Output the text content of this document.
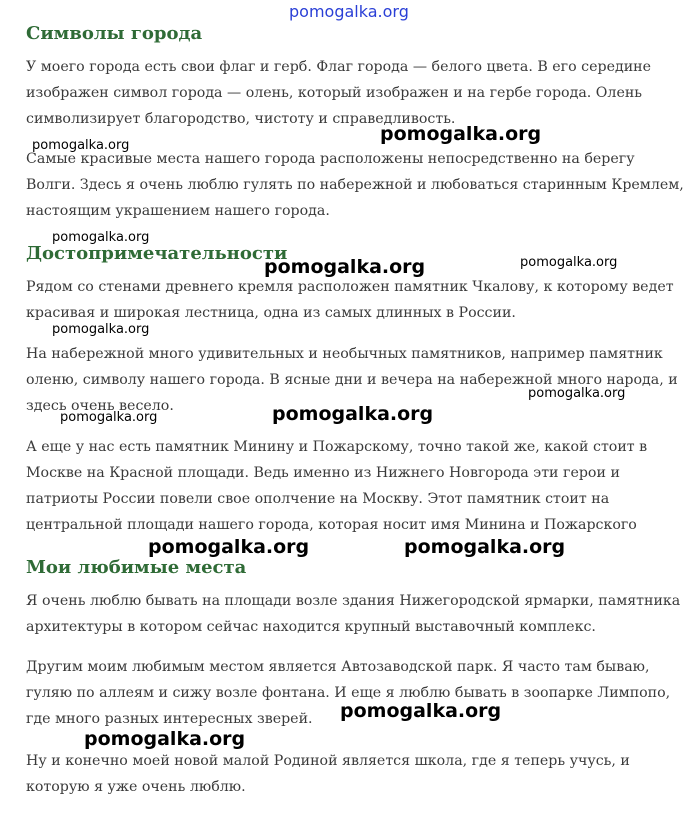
Символы города
У моего города есть свои флаг и герб. Флаг города — белого цвета. В его середине изображен символ города — олень, который изображен и на гербе города. Олень символизирует благородство, чистоту и справедливость.
Самые красивые места нашего города расположены непосредственно на берегу Волги. Здесь я очень люблю гулять по набережной и любоваться старинным Кремлем, настоящим украшением нашего города.
Достопримечательности
Рядом со стенами древнего кремля расположен памятник Чкалову, к которому ведет красивая и широкая лестница, одна из самых длинных в России.
На набережной много удивительных и необычных памятников, например памятник оленю, символу нашего города. В ясные дни и вечера на набережной много народа, и здесь очень весело.
А еще у нас есть памятник Минину и Пожарскому, точно такой же, какой стоит в Москве на Красной площади. Ведь именно из Нижнего Новгорода эти герои и патриоты России повели свое ополчение на Москву. Этот памятник стоит на центральной площади нашего города, которая носит имя Минина и Пожарского
Мои любимые места
Я очень люблю бывать на площади возле здания Нижегородской ярмарки, памятника архитектуры в котором сейчас находится крупный выставочный комплекс.
Другим моим любимым местом является Автозаводской парк. Я часто там бываю, гуляю по аллеям и сижу возле фонтана. И еще я люблю бывать в зоопарке Лимпопо, где много разных интересных зверей.
Ну и конечно моей новой малой Родиной является школа, где я теперь учусь, и которую я уже очень люблю.
pomogalka.org
pomogalka.org
pomogalka.org
pomogalka.org
pomogalka.org	pomogalka.org
pomogalka.org
pomogalka.org
pomogalka.org
pomogalka.org
pomogalka.org	pomogalka.org
pomogalka.org
pomogalka.org
